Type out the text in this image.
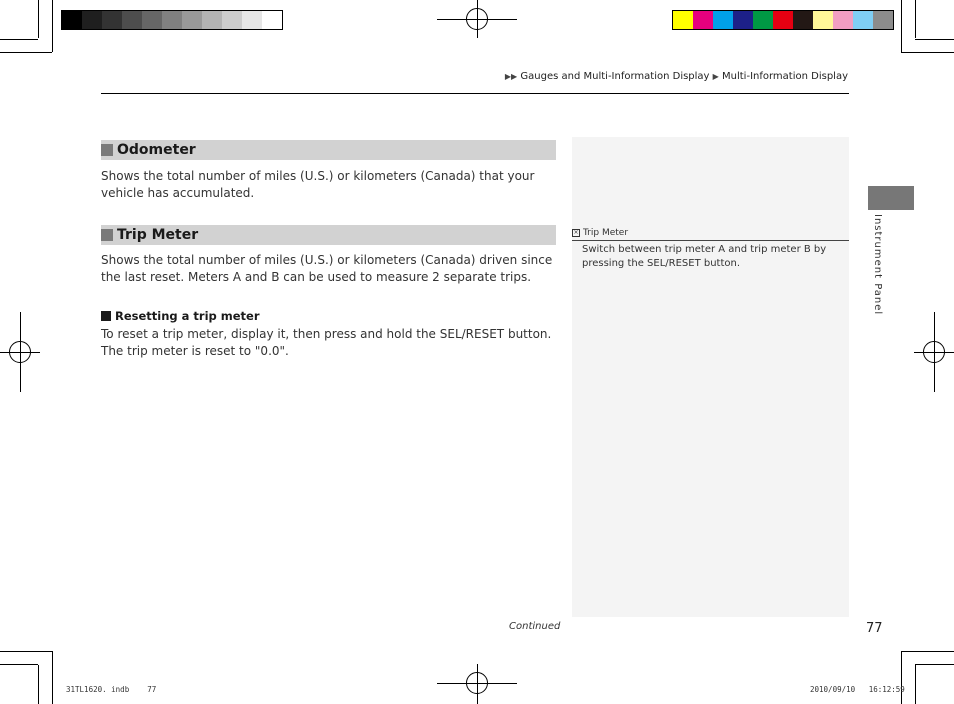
▶▶ Gauges and Multi-Information Display ▶ Multi-Information Display
Odometer
Shows the total number of miles (U.S.) or kilometers (Canada) that your vehicle has accumulated.
Trip Meter
Shows the total number of miles (U.S.) or kilometers (Canada) driven since the last reset. Meters A and B can be used to measure 2 separate trips.
Resetting a trip meter
To reset a trip meter, display it, then press and hold the SEL/RESET button. The trip meter is reset to "0.0".
× Trip Meter
Switch between trip meter A and trip meter B by pressing the SEL/RESET button.	Instrument Panel
Continued	77
31TL1620. indb 77	2010/09/10 16:12:59
